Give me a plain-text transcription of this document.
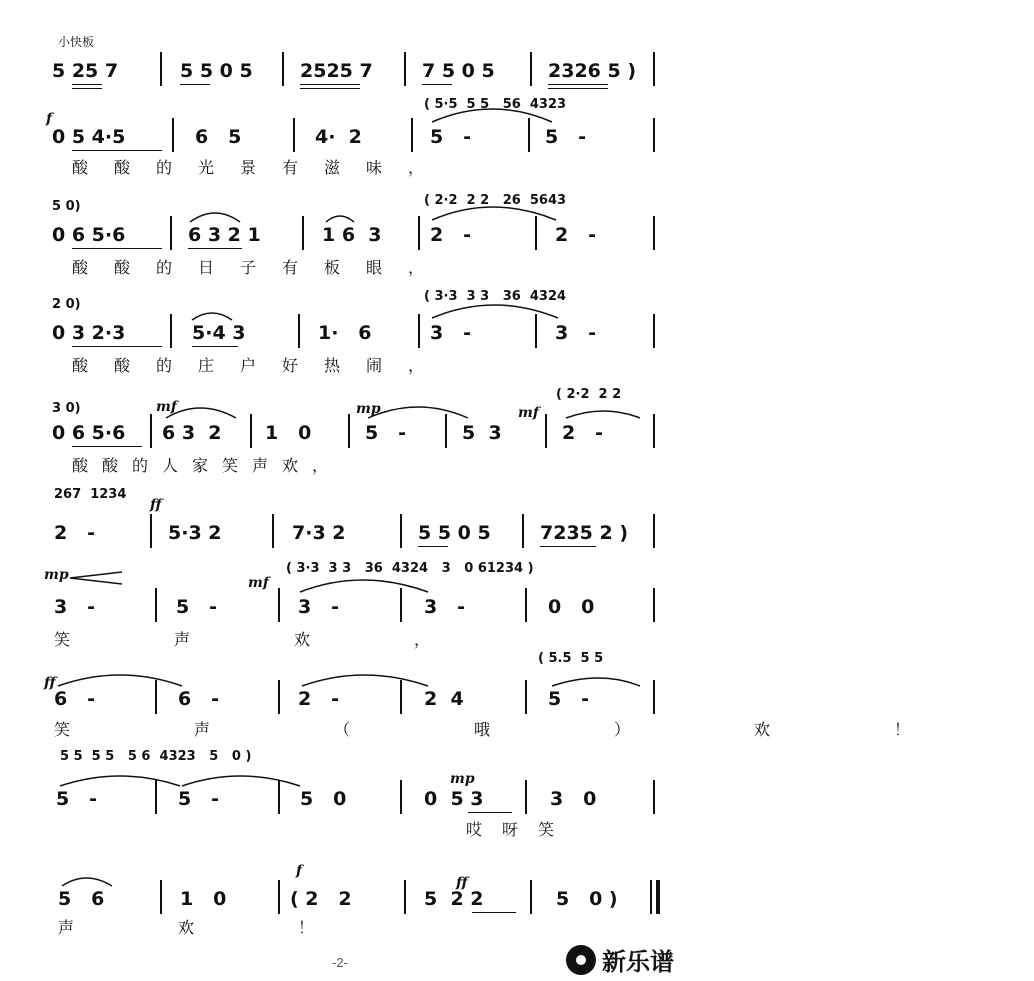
小快板
5 25 7	5 5 0 5 2525 7	7 5 0 5	2326 5 )
( 5·5  5 5   56  4323
f
0 5 4·5	6   5	4·  2	5   -	5   -
酸酸的光景有滋味，
5 0)	( 2·2  2 2   26  5643
0 6 5·6	6 3 2 1	1 6  3	2   -	2   -
酸酸的日子有板眼，
2 0)
( 3·3  3 3   36  4324
0 3 2·3	5·4 3	1·   6	3   -	3   -
酸酸的庄户好热闹，
3 0)
( 2·2  2 2
mf	mp	mf
0 6 5·6 6 3  2 1   0	5   -	5  3	2   -
酸酸的人家笑声欢，
267  1234
ff
2   -	5·3 2	7·3 2	5 5 0 5	7235 2 )
mp	mf
( 3·3  3 3   36  4324   3   0 61234 )
3   -	5   -	3   -	3   -	0   0
笑声欢，
( 5.5  5 5
ff
6   -	6   -	2   -	2  4	5   -
笑声（哦）欢！
5 5  5 5   5 6  4323   5   0 )
mp
5   -	5   -	5   0	0  5 3	3   0
哎呀笑
f
ff
5   6	1   0	( 2   2	5  2 2	5   0 )
声欢！
-2-	新乐谱
